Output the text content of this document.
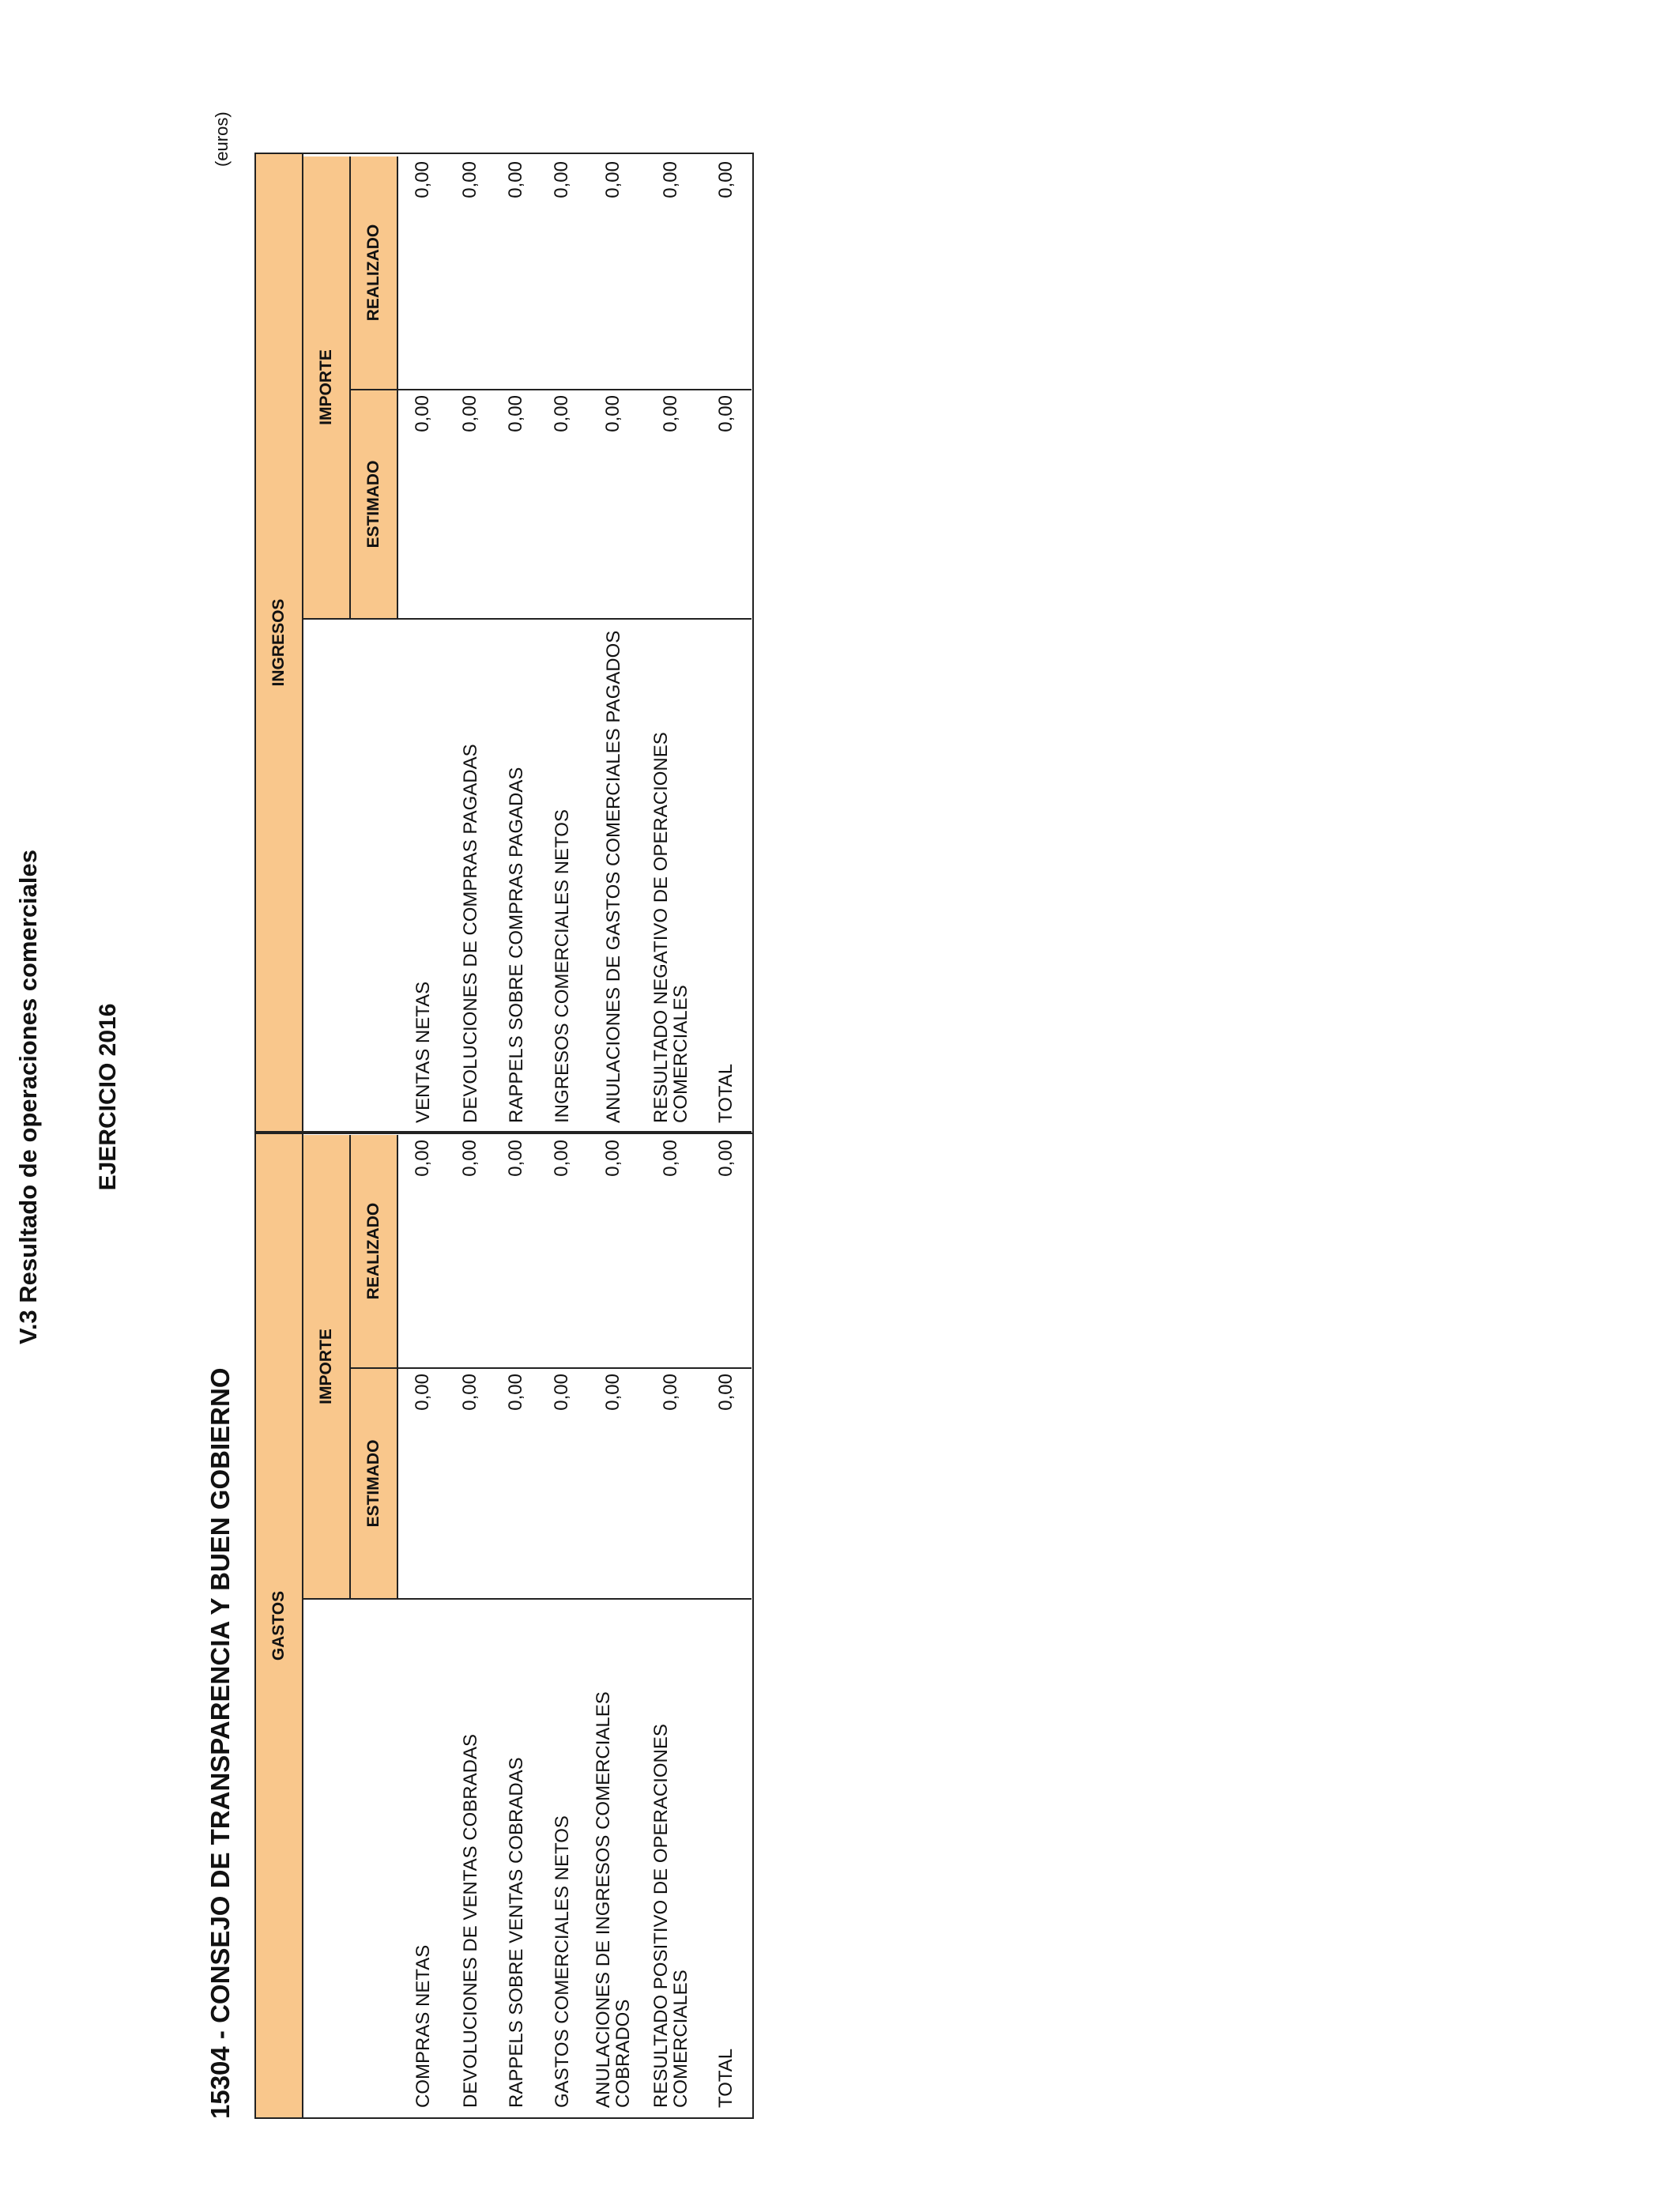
V.3 Resultado de operaciones comerciales EJERCICIO 2016
15304 - CONSEJO DE TRANSPARENCIA Y BUEN GOBIERNO
(euros)
GASTOS
IMPORTE
ESTIMADO
REALIZADO
COMPRAS NETAS
0,00
0,00
DEVOLUCIONES DE VENTAS COBRADAS
0,00
0,00
RAPPELS SOBRE VENTAS COBRADAS
0,00
0,00
GASTOS COMERCIALES NETOS
0,00
0,00
ANULACIONES DE INGRESOS COMERCIALES COBRADOS
0,00
0,00
RESULTADO POSITIVO DE OPERACIONES COMERCIALES
0,00
0,00
TOTAL
0,00
0,00
INGRESOS
IMPORTE
ESTIMADO
REALIZADO
VENTAS NETAS
0,00
0,00
DEVOLUCIONES DE COMPRAS PAGADAS
0,00
0,00
RAPPELS SOBRE COMPRAS PAGADAS
0,00
0,00
INGRESOS COMERCIALES NETOS
0,00
0,00
ANULACIONES DE GASTOS COMERCIALES PAGADOS
0,00
0,00
RESULTADO NEGATIVO DE OPERACIONES COMERCIALES
0,00
0,00
TOTAL
0,00
0,00
